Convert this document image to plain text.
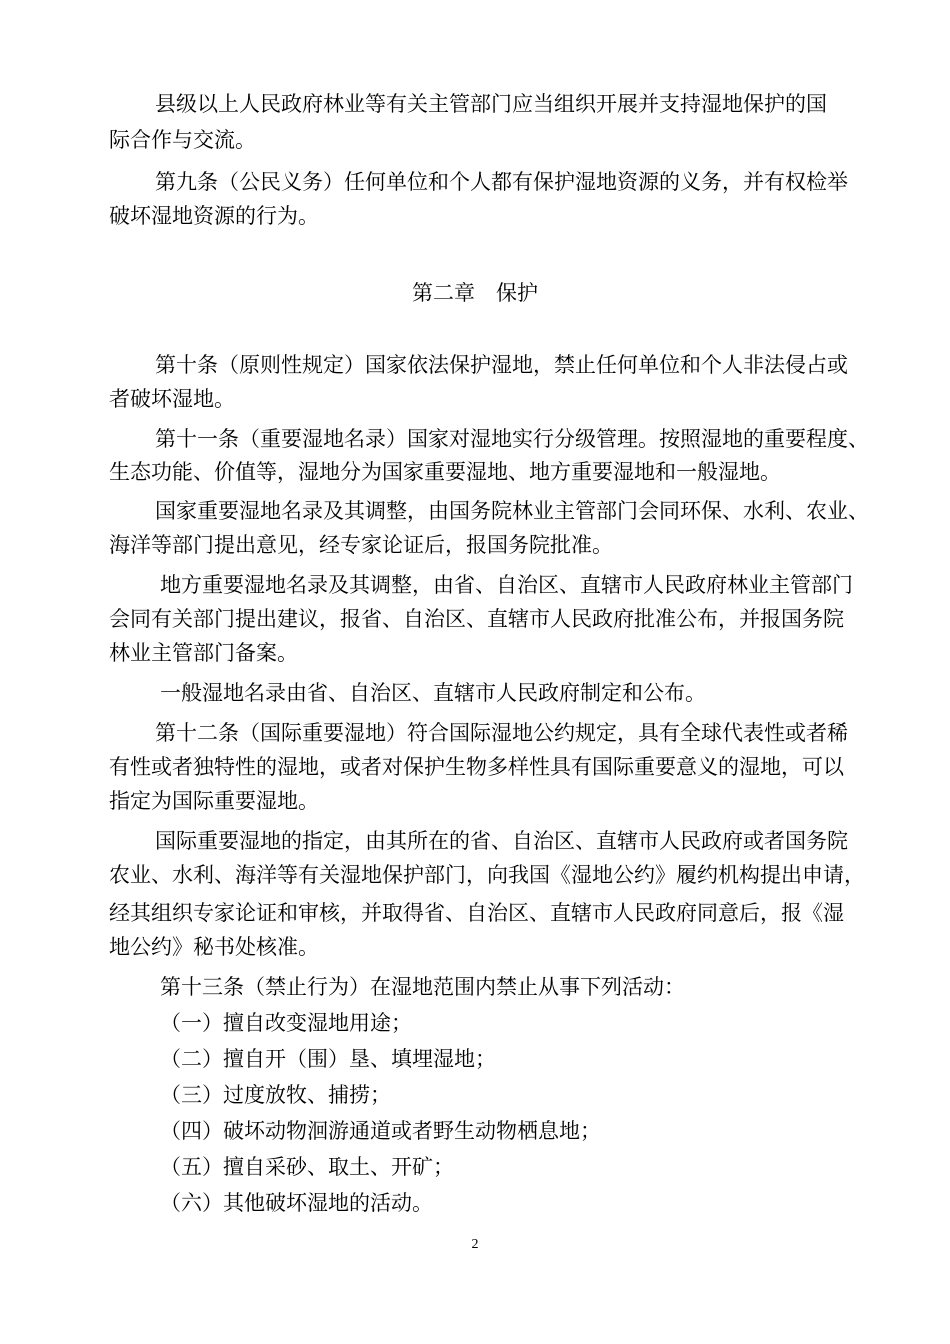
县级以上人民政府林业等有关主管部门应当组织开展并支持湿地保护的国
际合作与交流。
第九条（公民义务）任何单位和个人都有保护湿地资源的义务，并有权检举
破坏湿地资源的行为。
第二章　保护
第十条（原则性规定）国家依法保护湿地，禁止任何单位和个人非法侵占或
者破坏湿地。
第十一条（重要湿地名录）国家对湿地实行分级管理。按照湿地的重要程度、
生态功能、价值等，湿地分为国家重要湿地、地方重要湿地和一般湿地。
国家重要湿地名录及其调整，由国务院林业主管部门会同环保、水利、农业、
海洋等部门提出意见，经专家论证后，报国务院批准。
地方重要湿地名录及其调整，由省、自治区、直辖市人民政府林业主管部门
会同有关部门提出建议，报省、自治区、直辖市人民政府批准公布，并报国务院
林业主管部门备案。
一般湿地名录由省、自治区、直辖市人民政府制定和公布。
第十二条（国际重要湿地）符合国际湿地公约规定，具有全球代表性或者稀
有性或者独特性的湿地，或者对保护生物多样性具有国际重要意义的湿地，可以
指定为国际重要湿地。
国际重要湿地的指定，由其所在的省、自治区、直辖市人民政府或者国务院
农业、水利、海洋等有关湿地保护部门，向我国《湿地公约》履约机构提出申请，
经其组织专家论证和审核，并取得省、自治区、直辖市人民政府同意后，报《湿
地公约》秘书处核准。
第十三条（禁止行为）在湿地范围内禁止从事下列活动：
（一）擅自改变湿地用途；
（二）擅自开（围）垦、填埋湿地；
（三）过度放牧、捕捞；
（四）破坏动物洄游通道或者野生动物栖息地；
（五）擅自采砂、取土、开矿；
（六）其他破坏湿地的活动。
2
